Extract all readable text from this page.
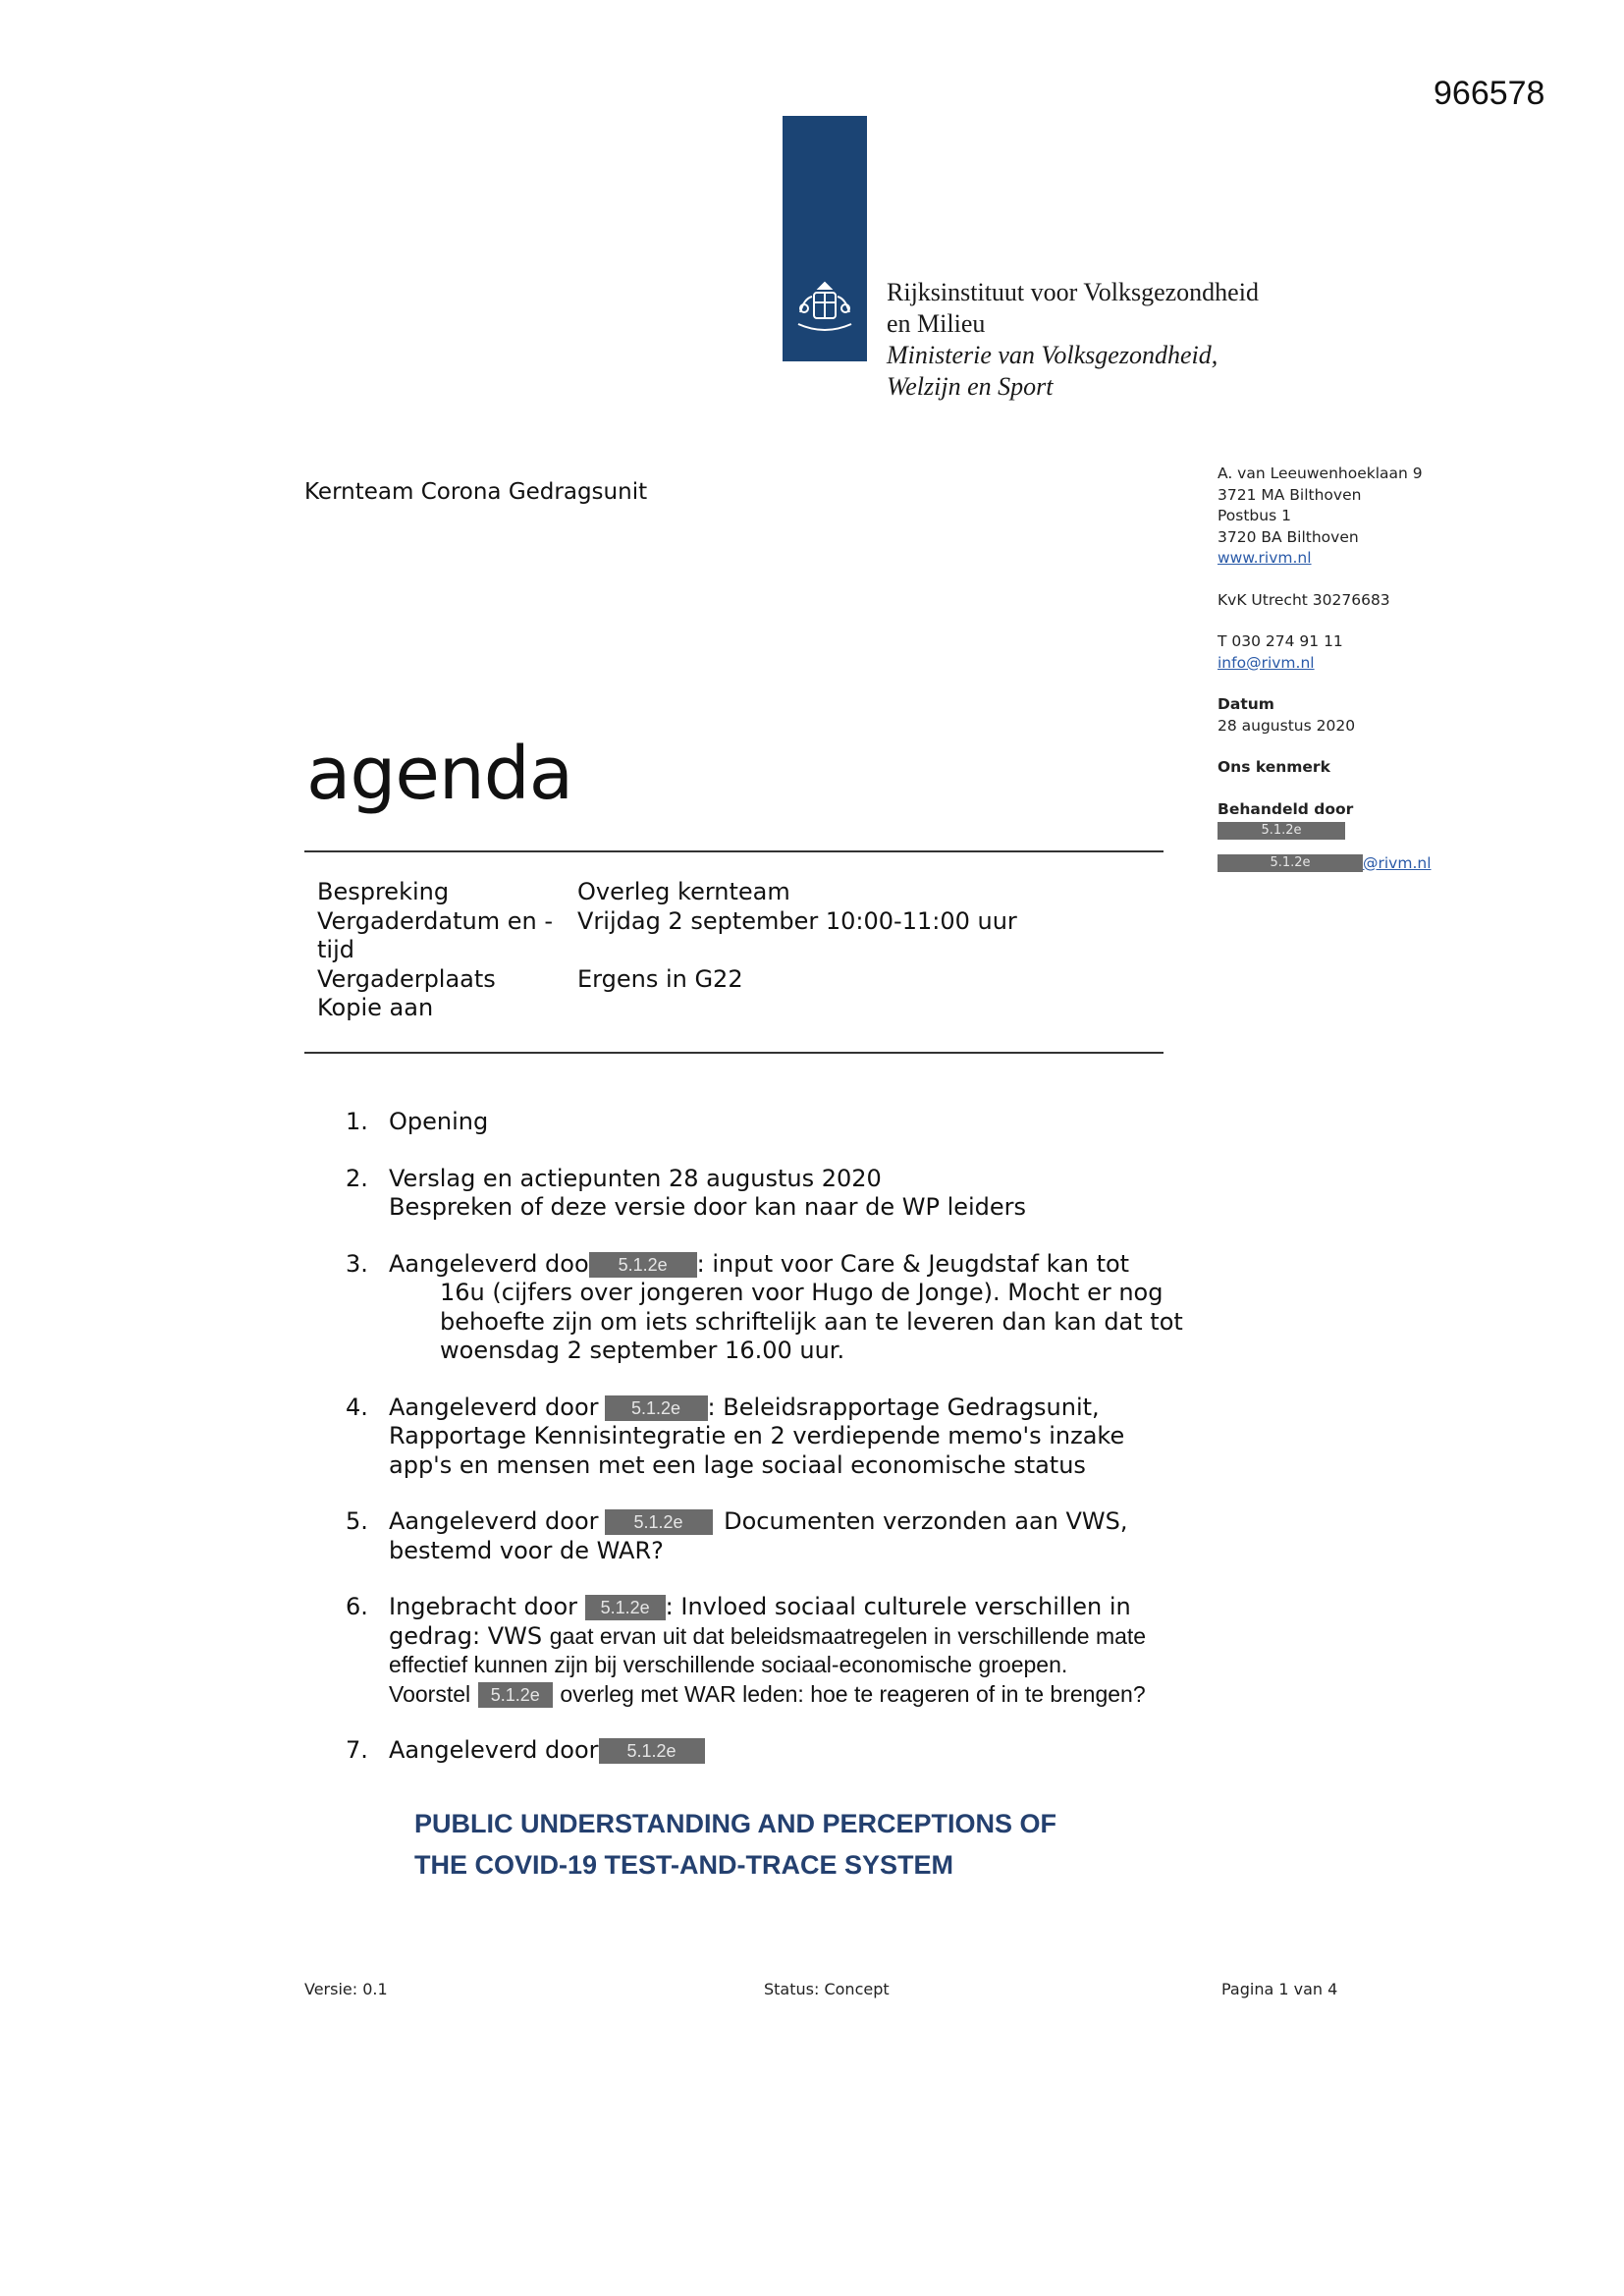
966578
Rijksinstituut voor Volksgezondheid
en Milieu
Ministerie van Volksgezondheid,
Welzijn en Sport
Kernteam Corona Gedragsunit
A. van Leeuwenhoeklaan 9
3721 MA Bilthoven
Postbus 1
3720 BA Bilthoven
www.rivm.nl
KvK Utrecht 30276683
T 030 274 91 11
info@rivm.nl
Datum
28 augustus 2020
Ons kenmerk
Behandeld door
5.1.2e
5.1.2e	@rivm.nl
agenda
Bespreking	Overleg kernteam
Vergaderdatum en -	Vrijdag 2 september 10:00-11:00 uur
tijd
Vergaderplaats	Ergens in G22
Kopie aan
1. Opening
2. Verslag en actiepunten 28 augustus 2020
Bespreken of deze versie door kan naar de WP leiders
3. Aangeleverd doo 5.1.2e : input voor Care & Jeugdstaf kan tot
16u (cijfers over jongeren voor Hugo de Jonge). Mocht er nog
behoefte zijn om iets schriftelijk aan te leveren dan kan dat tot
woensdag 2 september 16.00 uur.
4. Aangeleverd door 5.1.2e : Beleidsrapportage Gedragsunit,
Rapportage Kennisintegratie en 2 verdiepende memo's inzake
app's en mensen met een lage sociaal economische status
5. Aangeleverd door 5.1.2e Documenten verzonden aan VWS,
bestemd voor de WAR?
6. Ingebracht door 5.1.2e : Invloed sociaal culturele verschillen in
gedrag: VWS gaat ervan uit dat beleidsmaatregelen in verschillende mate
effectief kunnen zijn bij verschillende sociaal-economische groepen.
Voorstel 5.1.2e overleg met WAR leden: hoe te reageren of in te brengen?
7. Aangeleverd door 5.1.2e
PUBLIC UNDERSTANDING AND PERCEPTIONS OF
THE COVID-19 TEST-AND-TRACE SYSTEM
Versie: 0.1	Status: Concept	Pagina 1 van 4
